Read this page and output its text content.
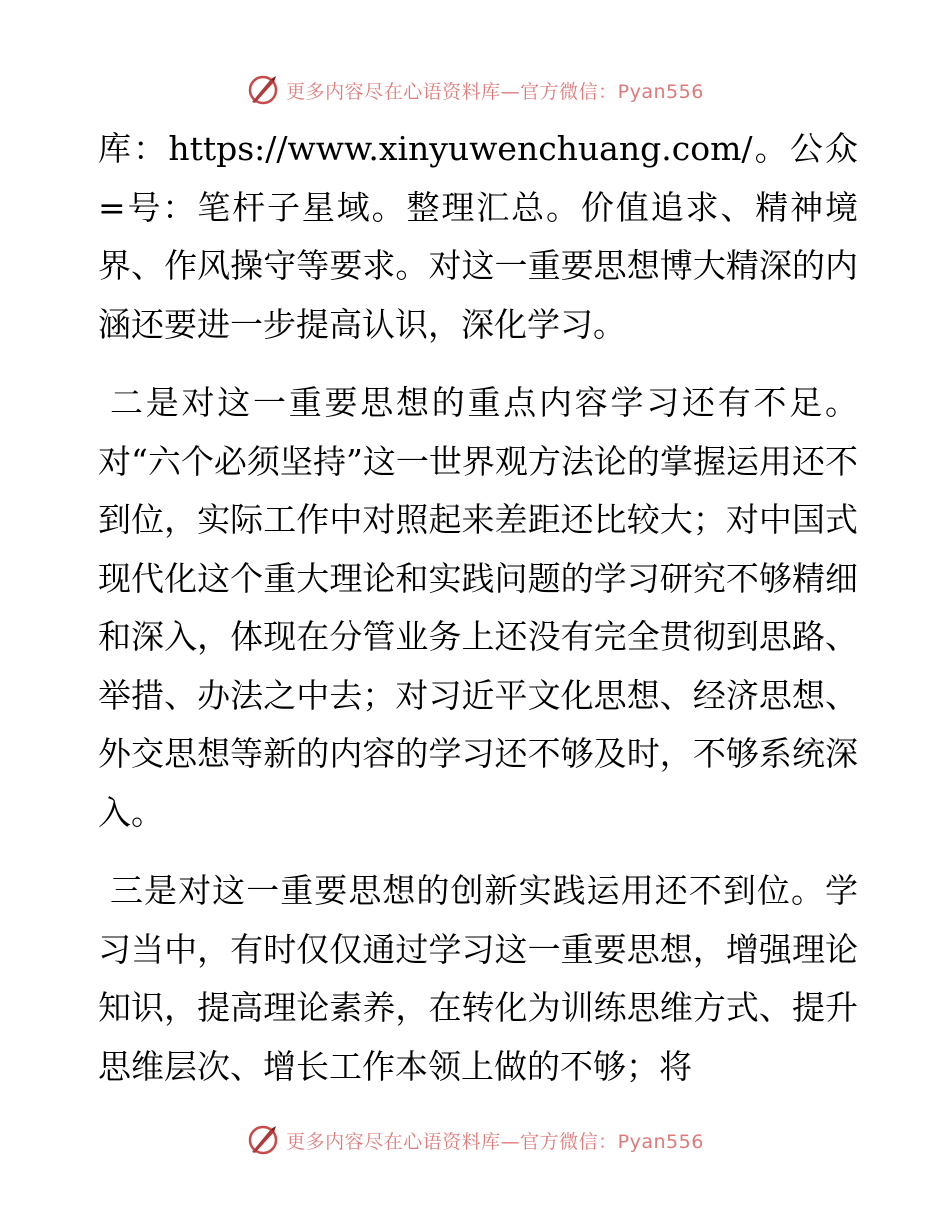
更多内容尽在心语资料库—官方微信：Pyan556

库：https://www.xinyuwenchuang.com/。公众=号：笔杆子星域。整理汇总。价值追求、精神境界、作风操守等要求。对这一重要思想博大精深的内涵还要进一步提高认识，深化学习。

二是对这一重要思想的重点内容学习还有不足。对“六个必须坚持”这一世界观方法论的掌握运用还不到位，实际工作中对照起来差距还比较大；对中国式现代化这个重大理论和实践问题的学习研究不够精细和深入，体现在分管业务上还没有完全贯彻到思路、举措、办法之中去；对习近平文化思想、经济思想、外交思想等新的内容的学习还不够及时，不够系统深入。

三是对这一重要思想的创新实践运用还不到位。学习当中，有时仅仅通过学习这一重要思想，增强理论知识，提高理论素养，在转化为训练思维方式、提升思维层次、增长工作本领上做的不够；将

更多内容尽在心语资料库—官方微信：Pyan556
